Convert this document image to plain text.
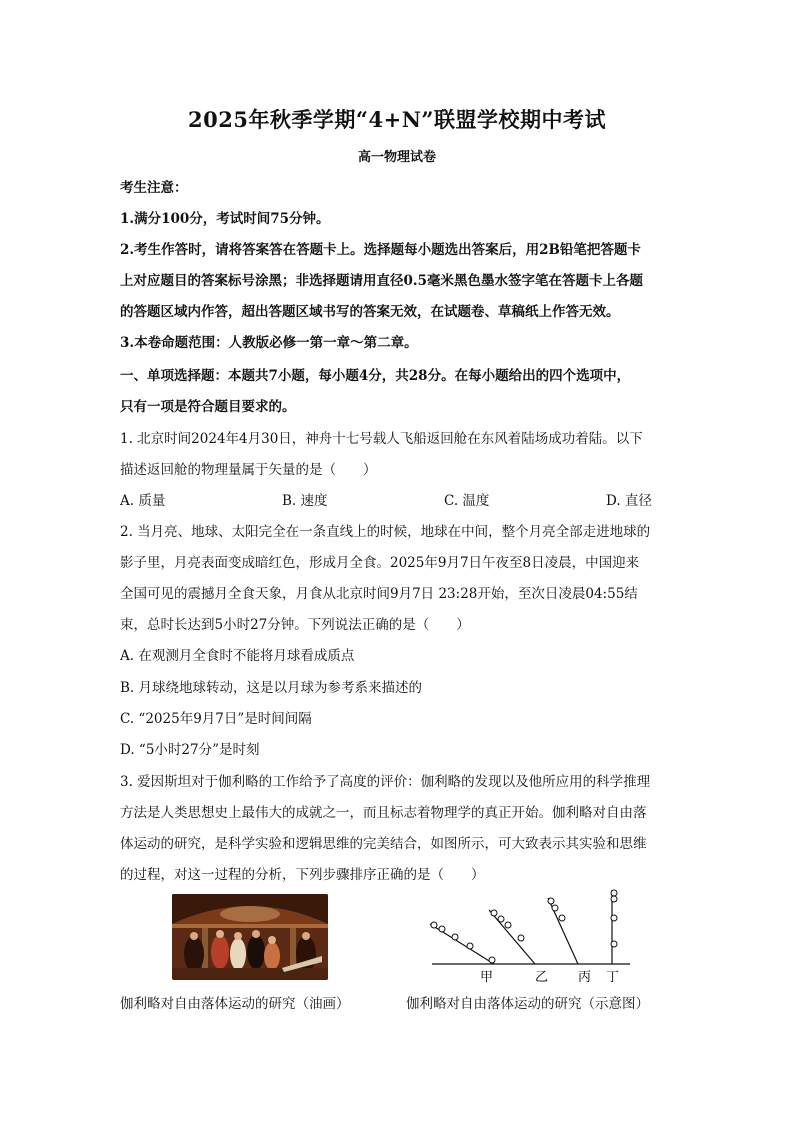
2025年秋季学期“4+N”联盟学校期中考试
高一物理试卷
考生注意：
1.满分100分，考试时间75分钟。
2.考生作答时，请将答案答在答题卡上。选择题每小题选出答案后，用2B铅笔把答题卡
上对应题目的答案标号涂黑；非选择题请用直径0.5毫米黑色墨水签字笔在答题卡上各题
的答题区域内作答，超出答题区域书写的答案无效，在试题卷、草稿纸上作答无效。
3.本卷命题范围：人教版必修一第一章～第二章。
一、单项选择题：本题共7小题，每小题4分，共28分。在每小题给出的四个选项中，
只有一项是符合题目要求的。
1. 北京时间2024年4月30日，神舟十七号载人飞船返回舱在东风着陆场成功着陆。以下
描述返回舱的物理量属于矢量的是（　　）
A. 质量	B. 速度	C. 温度	D. 直径
2. 当月亮、地球、太阳完全在一条直线上的时候，地球在中间，整个月亮全部走进地球的
影子里，月亮表面变成暗红色，形成月全食。2025年9月7日午夜至8日凌晨，中国迎来
全国可见的震撼月全食天象，月食从北京时间9月7日 23:28开始，至次日凌晨04:55结
束，总时长达到5小时27分钟。下列说法正确的是（　　）
A. 在观测月全食时不能将月球看成质点
B. 月球绕地球转动，这是以月球为参考系来描述的
C. “2025年9月7日”是时间间隔
D. “5小时27分”是时刻
3. 爱因斯坦对于伽利略的工作给予了高度的评价：伽利略的发现以及他所应用的科学推理
方法是人类思想史上最伟大的成就之一，而且标志着物理学的真正开始。伽利略对自由落
体运动的研究，是科学实验和逻辑思维的完美结合，如图所示，可大致表示其实验和思维
的过程，对这一过程的分析，下列步骤排序正确的是（　　）
甲	乙 丙 丁
伽利略对自由落体运动的研究（油画）	伽利略对自由落体运动的研究（示意图）
